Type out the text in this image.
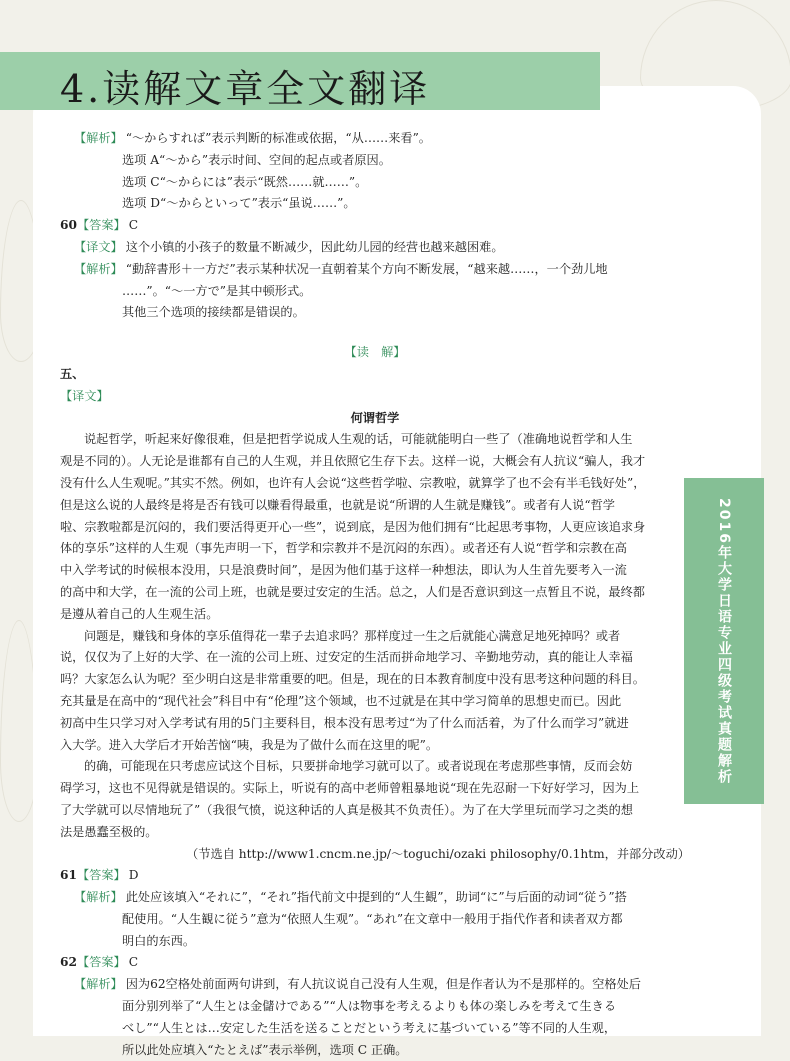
4.读解文章全文翻译
2016年大学日语专业四级考试真题解析
【解析】 “～からすれば”表示判断的标准或依据，“从……来看”。
选项 A“～から”表示时间、空间的起点或者原因。
选项 C“～からには”表示“既然……就……”。
选项 D“～からといって”表示“虽说……”。
60【答案】 C
【译文】 这个小镇的小孩子的数量不断减少，因此幼儿园的经营也越来越困难。
【解析】 “動辞書形＋一方だ”表示某种状况一直朝着某个方向不断发展，“越来越……，一个劲儿地
……”。“～一方で”是其中顿形式。
其他三个选项的接续都是错误的。
【读　解】
五、
【译文】
何谓哲学
说起哲学，听起来好像很难，但是把哲学说成人生观的话，可能就能明白一些了（准确地说哲学和人生
观是不同的）。人无论是谁都有自己的人生观，并且依照它生存下去。这样一说，大概会有人抗议“骗人，我才
没有什么人生观呢。”其实不然。例如，也许有人会说“这些哲学啦、宗教啦，就算学了也不会有半毛钱好处”，
但是这么说的人最终是将是否有钱可以赚看得最重，也就是说“所谓的人生就是赚钱”。或者有人说“哲学
啦、宗教啦都是沉闷的，我们要活得更开心一些”，说到底，是因为他们拥有“比起思考事物，人更应该追求身
体的享乐”这样的人生观（事先声明一下，哲学和宗教并不是沉闷的东西）。或者还有人说“哲学和宗教在高
中入学考试的时候根本没用，只是浪费时间”，是因为他们基于这样一种想法，即认为人生首先要考入一流
的高中和大学，在一流的公司上班，也就是要过安定的生活。总之，人们是否意识到这一点暂且不说，最终都
是遵从着自己的人生观生活。
问题是，赚钱和身体的享乐值得花一辈子去追求吗？那样度过一生之后就能心满意足地死掉吗？或者
说，仅仅为了上好的大学、在一流的公司上班、过安定的生活而拼命地学习、辛勤地劳动，真的能让人幸福
吗？大家怎么认为呢？至少明白这是非常重要的吧。但是，现在的日本教育制度中没有思考这种问题的科目。
充其量是在高中的“现代社会”科目中有“伦理”这个领域，也不过就是在其中学习简单的思想史而已。因此
初高中生只学习对入学考试有用的5门主要科目，根本没有思考过“为了什么而活着，为了什么而学习”就进
入大学。进入大学后才开始苦恼“咦，我是为了做什么而在这里的呢”。
的确，可能现在只考虑应试这个目标，只要拼命地学习就可以了。或者说现在考虑那些事情，反而会妨
碍学习，这也不见得就是错误的。实际上，听说有的高中老师曾粗暴地说“现在先忍耐一下好好学习，因为上
了大学就可以尽情地玩了”（我很气愤，说这种话的人真是极其不负责任）。为了在大学里玩而学习之类的想
法是愚蠢至极的。
（节选自 http://www1.cncm.ne.jp/～toguchi/ozaki philosophy/0.1htm，并部分改动）
61【答案】 D
【解析】 此处应该填入“それに”，“それ”指代前文中提到的“人生観”，助词“に”与后面的动词“従う”搭
配使用。“人生観に従う”意为“依照人生观”。“あれ”在文章中一般用于指代作者和读者双方都
明白的东西。
62【答案】 C
【解析】 因为62空格处前面两句讲到，有人抗议说自己没有人生观，但是作者认为不是那样的。空格处后
面分别列举了“人生とは金儲けである”“人は物事を考えるよりも体の楽しみを考えて生きる
べし”“人生とは…安定した生活を送ることだという考えに基づいている”等不同的人生观，
所以此处应填入“たとえば”表示举例，选项 C 正确。
